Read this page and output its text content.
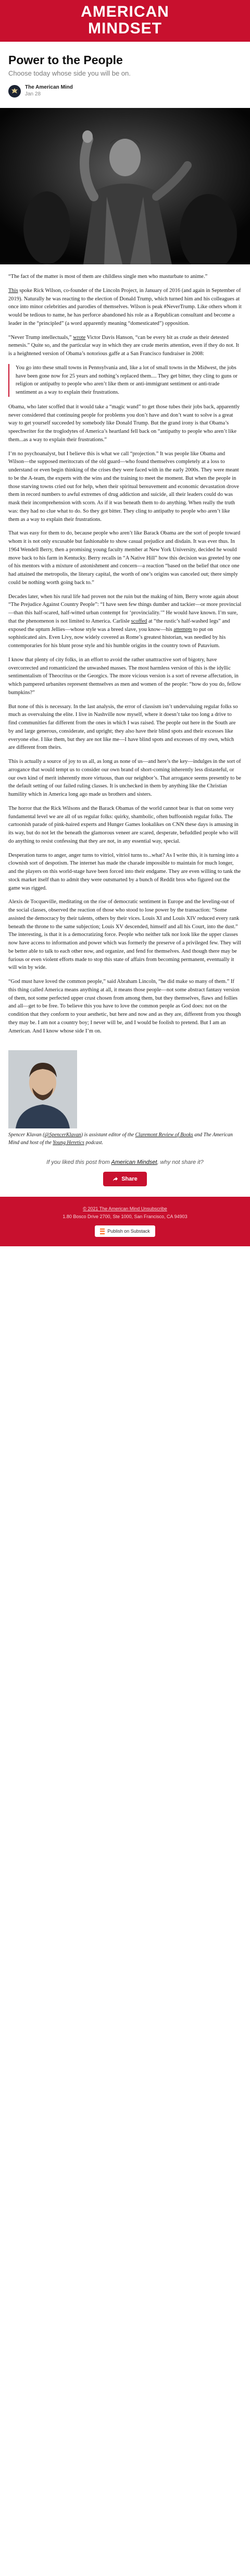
AMERICAN
MINDSET
Power to the People

Choose today whose side you will be on.

The American Mind
Jan 28

“The fact of the matter is most of them are childless single men who masturbate to anime.”

This spoke Rick Wilson, co-founder of the Lincoln Project, in January of 2016 (and again in September of 2019). Naturally he was reacting to the election of Donald Trump, which turned him and his colleagues at once into minor celebrities and parodies of themselves. Wilson is peak #NeverTrump. Like others whom it would be tedious to name, he has perforce abandoned his role as a Republican consultant and become a leader in the “principled” (a word apparently meaning “domesticated”) opposition.

“Never Trump intellectuals,” wrote Victor Davis Hanson, “can be every bit as crude as their detested nemesis.” Quite so, and the particular way in which they are crude merits attention, even if they do not. It is a heightened version of Obama’s notorious gaffe at a San Francisco fundraiser in 2008:

You go into these small towns in Pennsylvania and, like a lot of small towns in the Midwest, the jobs have been gone now for 25 years and nothing’s replaced them.... They get bitter, they cling to guns or religion or antipathy to people who aren’t like them or anti-immigrant sentiment or anti-trade sentiment as a way to explain their frustrations.

Obama, who later scoffed that it would take a “magic wand” to get those tubes their jobs back, apparently never considered that continuing people for problems you don’t have and don’t want to solve is a great way to get yourself succeeded by somebody like Donald Trump. But the grand irony is that Obama’s speechwriter for the troglodytes of America’s heartland fell back on “antipathy to people who aren’t like them...as a way to explain their frustrations.”

I’m no psychoanalyst, but I believe this is what we call “projection.” It was people like Obama and Wilson—the supposed meritocrats of the old guard—who found themselves completely at a loss to understand or even begin thinking of the crises they were faced with in the early 2000s. They were meant to be the A-team, the experts with the wins and the training to meet the moment. But when the people in those starving towns cried out for help, when their spiritual bereavement and economic devastation drove them in record numbers to awful extremes of drug addiction and suicide, all their leaders could do was mask their incomprehension with scorn. As if it was beneath them to do anything. When really the truth was: they had no clue what to do. So they got bitter. They cling to antipathy to people who aren’t like them as a way to explain their frustrations.

That was easy for them to do, because people who aren’t like Barack Obama are the sort of people toward whom it is not only excusable but fashionable to show casual prejudice and disdain. It was ever thus. In 1964 Wendell Berry, then a promising young faculty member at New York University, decided he would move back to his farm in Kentucky. Berry recalls in “A Native Hill” how this decision was greeted by one of his mentors with a mixture of astonishment and concern—a reaction “based on the belief that once one had attained the metropolis, the literary capital, the worth of one’s origins was canceled out; there simply could be nothing worth going back to.”

Decades later, when his rural life had proven not the ruin but the making of him, Berry wrote again about “The Prejudice Against Country People”: “I have seen few things dumber and tackier—or more provincial—than this half-scared, half-witted urban contempt for ‘provinciality.’” He would have known. I’m sure, that the phenomenon is not limited to America. Carlisle scoffed at “the rustic’s half-washed legs” and exposed the upturn Jellies—whose style was a breed slave, you know—his attempts to put on sophisticated airs. Even Livy, now widely covered as Rome’s greatest historian, was needled by his contemporaries for his blunt prose style and his humble origins in the country town of Patavium.

I know that plenty of city folks, in an effort to avoid the rather unattractive sort of bigotry, have overcorrected and romanticized the unwashed masses. The most harmless version of this is the idyllic sentimentalism of Theocritus or the Georgics. The more vicious version is a sort of reverse affectation, in which pampered urbanites represent themselves as men and women of the people: “how do you do, fellow bumpkins?”

But none of this is necessary. In the last analysis, the error of classism isn’t undervaluing regular folks so much as overvaluing the elite. I live in Nashville now myself, where it doesn’t take too long a drive to find communities far different from the ones in which I was raised. The people out here in the South are by and large generous, considerate, and upright; they also have their blind spots and their excesses like everyone else. I like them, but they are not like me—I have blind spots and excesses of my own, which are different from theirs.

This is actually a source of joy to us all, as long as none of us—and here’s the key—indulges in the sort of arrogance that would tempt us to consider our own brand of short-coming inherently less distasteful, or our own kind of merit inherently more virtuous, than our neighbor’s. That arrogance seems presently to be the default setting of our failed ruling classes. It is unchecked in them by anything like the Christian humility which in America long ago made us brothers and sisters.

The horror that the Rick Wilsons and the Barack Obamas of the world cannot bear is that on some very fundamental level we are all of us regular folks: quirky, shambolic, often buffoonish regular folks. The cartoonish parade of pink-haired experts and Hunger Games lookalikes on CNN these days is amusing in its way, but do not let the beneath the glamorous veneer are scared, desperate, befuddled people who will do anything to resist confessing that they are not, in any essential way, special.

Desperation turns to anger, anger turns to vitriol, vitriol turns to...what? As I write this, it is turning into a clownish sort of despotism. The internet has made the charade impossible to maintain for much longer, and the players on this world-stage have been forced into their endgame. They are even willing to tank the stock market itself than to admit they were outsmarted by a bunch of Reddit bros who figured out the game was rigged.

Alexis de Tocqueville, meditating on the rise of democratic sentiment in Europe and the leveling-out of the social classes, observed the reaction of those who stood to lose power by the transaction: “Some assisted the democracy by their talents, others by their vices. Louis XI and Louis XIV reduced every rank beneath the throne to the same subjection; Louis XV descended, himself and all his Court, into the dust.” The interesting, is that it is a democratizing force. People who neither talk nor look like the upper classes now have access to information and power which was formerly the preserve of a privileged few. They will be better able to talk to each other now, and organize, and fend for themselves. And though there may be furious or even violent efforts made to stop this state of affairs from becoming permanent, eventually it will win by wide.

“God must have loved the common people,” said Abraham Lincoln, “he did make so many of them.” If this thing called America means anything at all, it means those people—not some abstract fantasy version of them, not some perfected upper crust chosen from among them, but they themselves, flaws and follies and all—get to be free. To believe this you have to love the common people as God does: not on the condition that they conform to your aesthetic, but here and now and as they are, different from you though they may be. I am not a country boy; I never will be, and I would be foolish to pretend. But I am an American. And I know whose side I’m on.

Spencer Klavan (@SpencerKlavan) is assistant editor of the Claremont Review of Books and The American Mind and host of the Young Heretics podcast.

If you liked this post from American Mindset, why not share it?

Share
© 2021 The American Mind Unsubscribe
1.80 Bosco Drive 2700, Ste 1000, San Francisco, CA 94903
Publish on Substack
